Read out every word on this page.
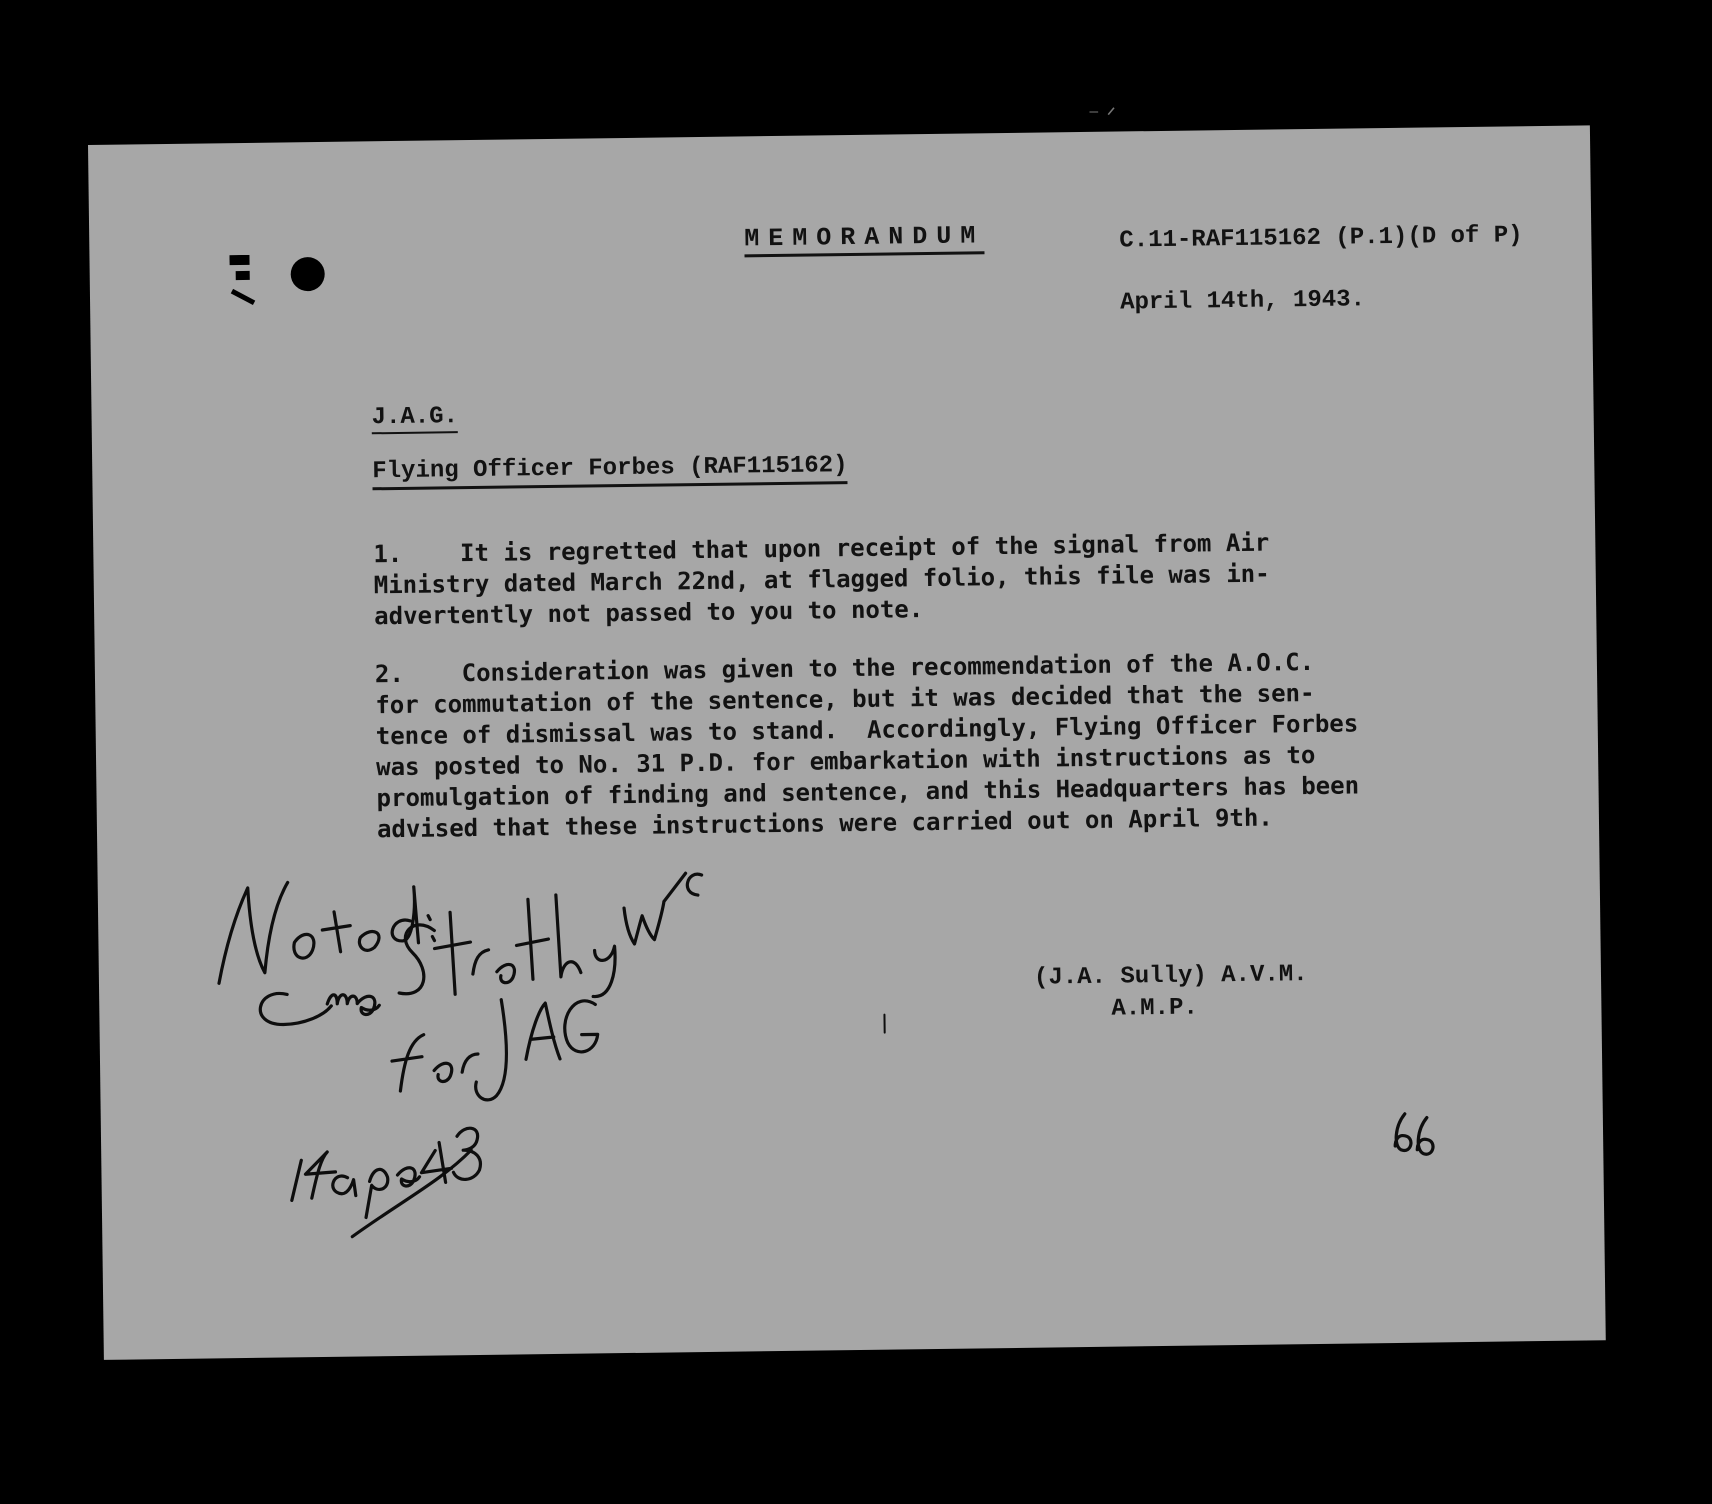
⁻ ᐟ
MEMORANDUM	C.11-RAF115162 (P.1)(D of P)
April 14th, 1943.
J.A.G.
Flying Officer Forbes (RAF115162)
1.    It is regretted that upon receipt of the signal from Air
Ministry dated March 22nd, at flagged folio, this file was in-
advertently not passed to you to note.
2.    Consideration was given to the recommendation of the A.O.C.
for commutation of the sentence, but it was decided that the sen-
tence of dismissal was to stand.  Accordingly, Flying Officer Forbes
was posted to No. 31 P.D. for embarkation with instructions as to
promulgation of finding and sentence, and this Headquarters has been
advised that these instructions were carried out on April 9th.
(J.A. Sully) A.V.M.
A.M.P.
